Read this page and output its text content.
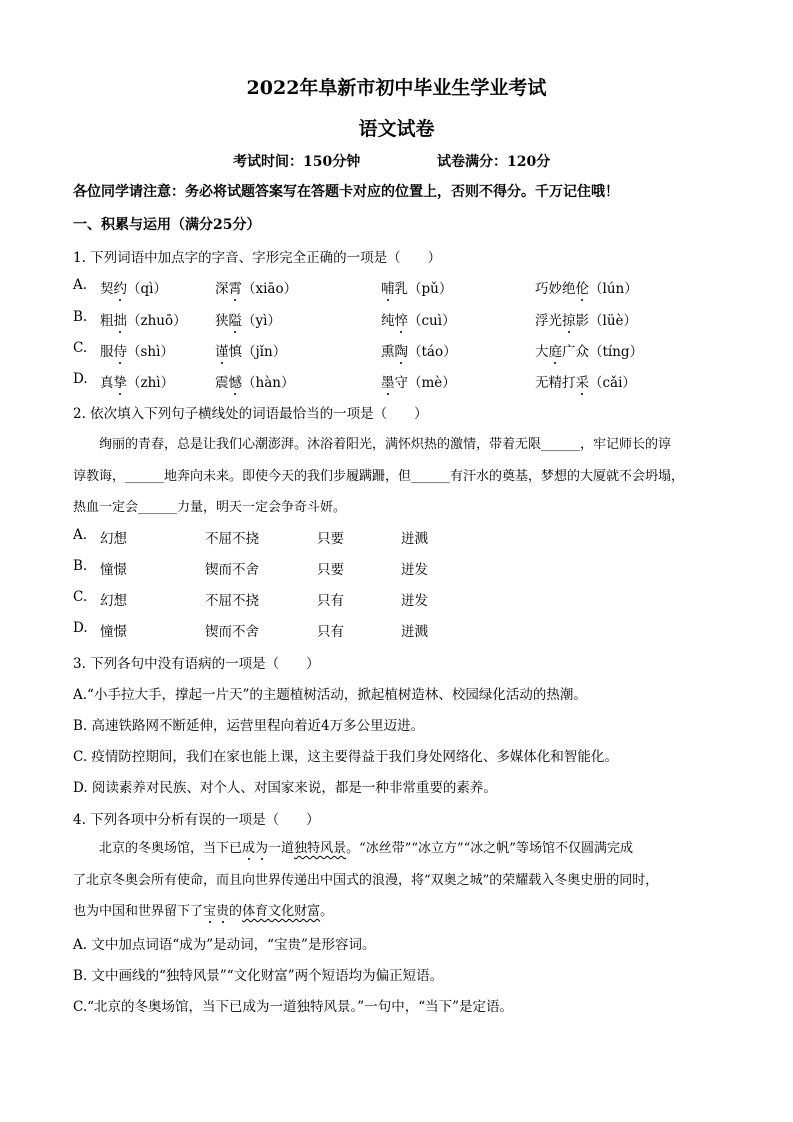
2022年阜新市初中毕业生学业考试
语文试卷
考试时间：150分钟	试卷满分：120分
各位同学请注意：务必将试题答案写在答题卡对应的位置上，否则不得分。千万记住哦！
一、积累与运用（满分25分）
1. 下列词语中加点字的字音、字形完全正确的一项是（　　）
A. 契约（qì）	深霄（xiāo）	哺乳（pǔ）	巧妙绝伦（lún）
B. 粗拙（zhuō） 狭隘（yì）	纯悴（cuì）	浮光掠影（lüè）
C. 服侍（shì）	谨慎（jǐn）	熏陶（táo）	大庭广众（tíng）
D. 真挚（zhì）	震憾（hàn）	墨守（mè）	无精打采（cǎi）
2. 依次填入下列句子横线处的词语最恰当的一项是（　　）
　　绚丽的青春，总是让我们心潮澎湃。沐浴着阳光，满怀炽热的激情，带着无限______，牢记师长的谆
谆教诲，______地奔向未来。即使今天的我们步履蹒跚，但______有汗水的奠基，梦想的大厦就不会坍塌，
热血一定会______力量，明天一定会争奇斗妍。
A. 幻想	不屈不挠	只要	迸溅
B. 憧憬	锲而不舍	只要	迸发
C. 幻想	不屈不挠	只有	迸发
D. 憧憬	锲而不舍	只有	迸溅
3. 下列各句中没有语病的一项是（　　）
A.“小手拉大手，撑起一片天”的主题植树活动，掀起植树造林、校园绿化活动的热潮。
B. 高速铁路网不断延伸，运营里程向着近4万多公里迈进。
C. 疫情防控期间，我们在家也能上课，这主要得益于我们身处网络化、多媒体化和智能化。
D. 阅读素养对民族、对个人、对国家来说，都是一种非常重要的素养。
4. 下列各项中分析有误的一项是（　　）
　　北京的冬奥场馆，当下已成为一道独特风景。“冰丝带”“冰立方”“冰之帆”等场馆不仅圆满完成
了北京冬奥会所有使命，而且向世界传递出中国式的浪漫，将“双奥之城”的荣耀载入冬奥史册的同时，
也为中国和世界留下了宝贵的体育文化财富。
A. 文中加点词语“成为”是动词，“宝贵”是形容词。
B. 文中画线的“独特风景”“文化财富”两个短语均为偏正短语。
C.“北京的冬奥场馆，当下已成为一道独特风景。”一句中，“当下”是定语。
